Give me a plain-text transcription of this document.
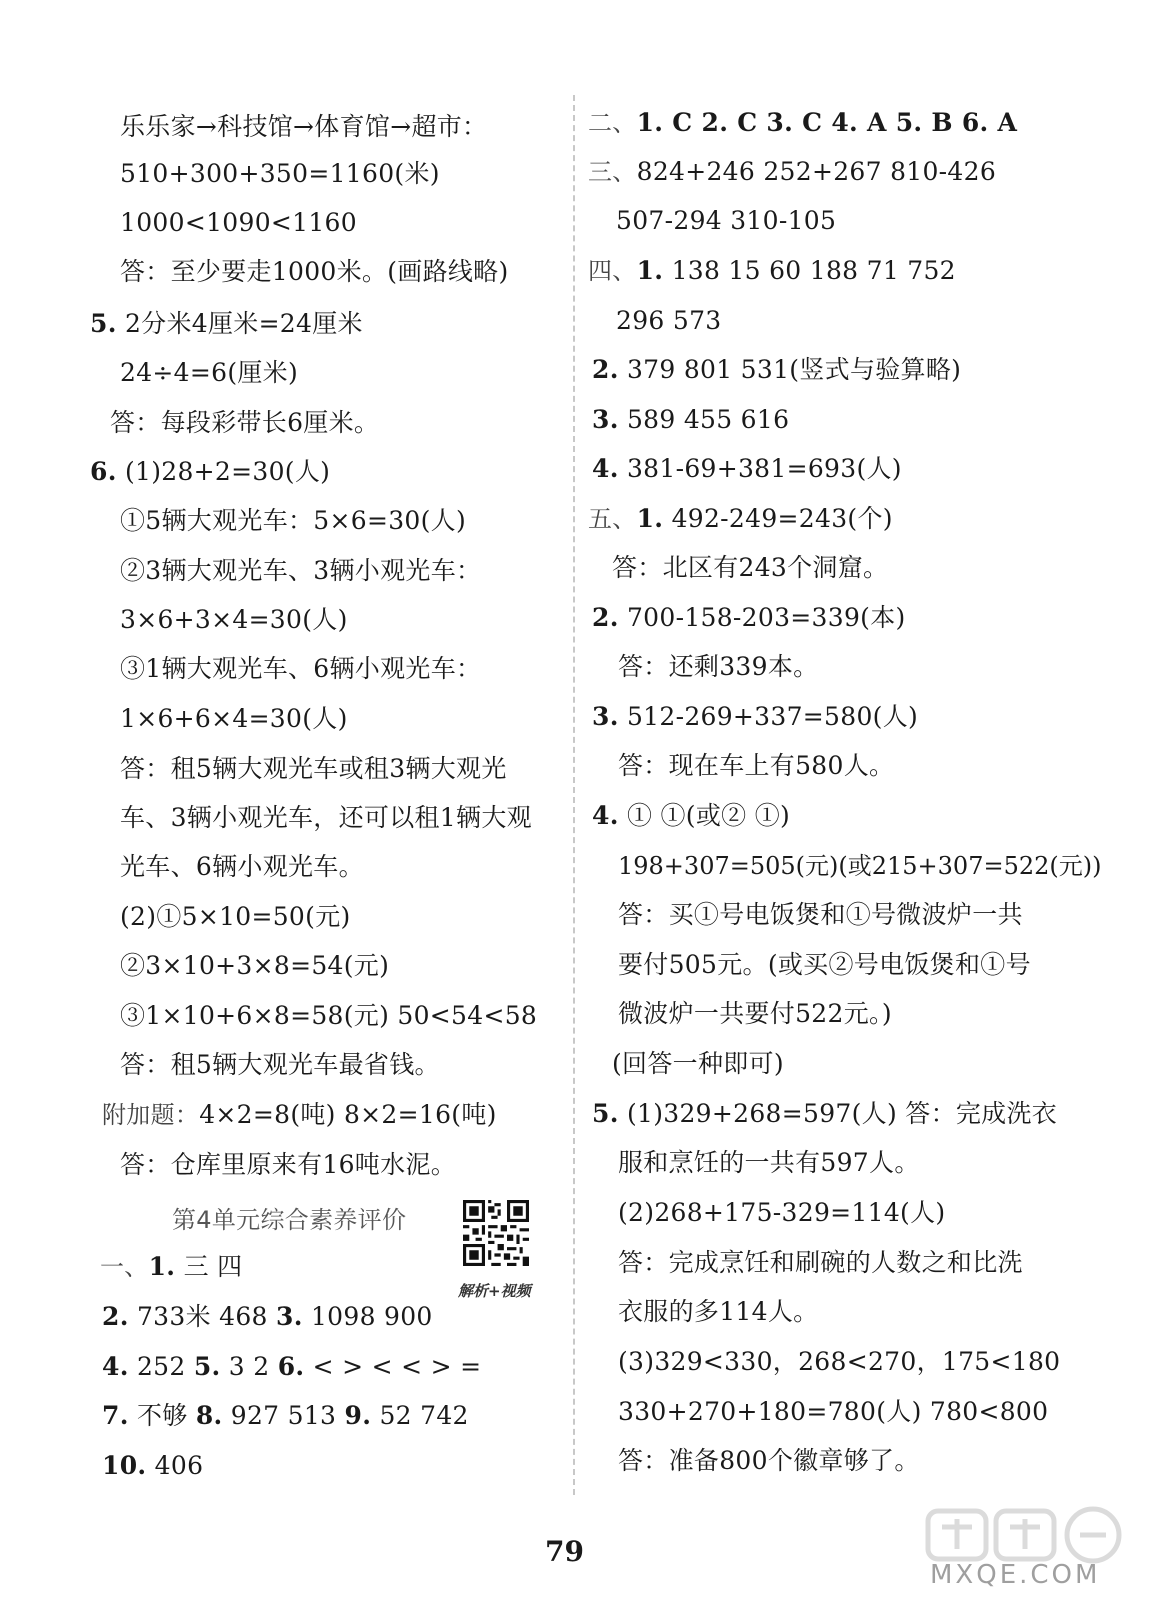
乐乐家→科技馆→体育馆→超市：
510+300+350=1160(米)
1000<1090<1160
答：至少要走1000米。(画路线略)
5. 2分米4厘米=24厘米
24÷4=6(厘米)
答：每段彩带长6厘米。
6. (1)28+2=30(人)
①5辆大观光车：5×6=30(人)
②3辆大观光车、3辆小观光车：
3×6+3×4=30(人)
③1辆大观光车、6辆小观光车：
1×6+6×4=30(人)
答：租5辆大观光车或租3辆大观光
车、3辆小观光车，还可以租1辆大观
光车、6辆小观光车。
(2)①5×10=50(元)
②3×10+3×8=54(元)
③1×10+6×8=58(元) 50<54<58
答：租5辆大观光车最省钱。
附加题：4×2=8(吨) 8×2=16(吨)
答：仓库里原来有16吨水泥。
第4单元综合素养评价
解析+视频
一、1. 三 四
2. 733米 468 3. 1098 900
4. 252 5. 3 2 6. < > < < > =
7. 不够 8. 927 513 9. 52 742
10. 406
二、1. C 2. C 3. C 4. A 5. B 6. A
三、824+246 252+267 810-426
507-294 310-105
四、1. 138 15 60 188 71 752
296 573
2. 379 801 531(竖式与验算略)
3. 589 455 616
4. 381-69+381=693(人)
五、1. 492-249=243(个)
答：北区有243个洞窟。
2. 700-158-203=339(本)
答：还剩339本。
3. 512-269+337=580(人)
答：现在车上有580人。
4. ① ①(或② ①)
198+307=505(元)(或215+307=522(元))
答：买①号电饭煲和①号微波炉一共
要付505元。(或买②号电饭煲和①号
微波炉一共要付522元。)
(回答一种即可)
5. (1)329+268=597(人) 答：完成洗衣
服和烹饪的一共有597人。
(2)268+175-329=114(人)
答：完成烹饪和刷碗的人数之和比洗
衣服的多114人。
(3)329<330，268<270，175<180
330+270+180=780(人) 780<800
答：准备800个徽章够了。
79
MXQE.COM
